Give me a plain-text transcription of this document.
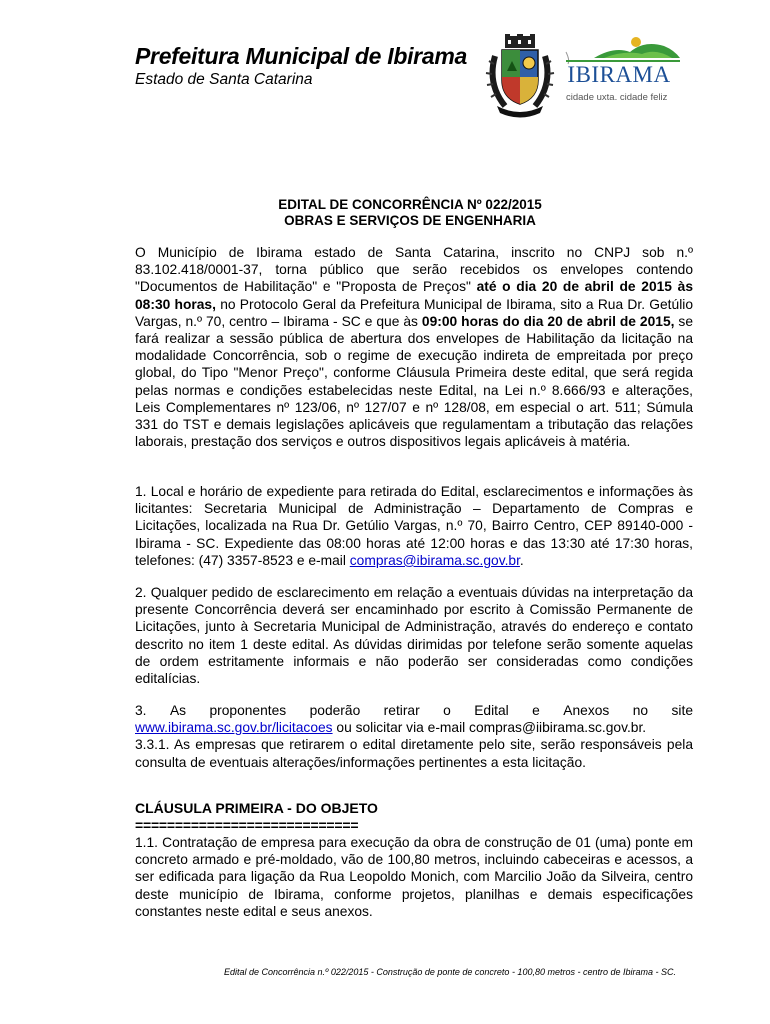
Prefeitura Municipal de Ibirama
Estado de Santa Catarina	IBIRAMA
cidade uxta. cidade feliz
EDITAL DE CONCORRÊNCIA Nº 022/2015
OBRAS E SERVIÇOS DE ENGENHARIA

O Município de Ibirama estado de Santa Catarina, inscrito no CNPJ sob n.º 83.102.418/0001-37, torna público que serão recebidos os envelopes contendo "Documentos de Habilitação" e "Proposta de Preços" até o dia 20 de abril de 2015 às 08:30 horas, no Protocolo Geral da Prefeitura Municipal de Ibirama, sito a Rua Dr. Getúlio Vargas, n.º 70, centro – Ibirama - SC e que às 09:00 horas do dia 20 de abril de 2015, se fará realizar a sessão pública de abertura dos envelopes de Habilitação da licitação na modalidade Concorrência, sob o regime de execução indireta de empreitada por preço global, do Tipo "Menor Preço", conforme Cláusula Primeira deste edital, que será regida pelas normas e condições estabelecidas neste Edital, na Lei n.º 8.666/93 e alterações, Leis Complementares nº 123/06, nº 127/07 e nº 128/08, em especial o art. 511; Súmula 331 do TST e demais legislações aplicáveis que regulamentam a tributação das relações laborais, prestação dos serviços e outros dispositivos legais aplicáveis à matéria.

1. Local e horário de expediente para retirada do Edital, esclarecimentos e informações às licitantes: Secretaria Municipal de Administração – Departamento de Compras e Licitações, localizada na Rua Dr. Getúlio Vargas, n.º 70, Bairro Centro, CEP 89140-000 - Ibirama - SC. Expediente das 08:00 horas até 12:00 horas e das 13:30 até 17:30 horas, telefones: (47) 3357-8523 e e-mail compras@ibirama.sc.gov.br.

2. Qualquer pedido de esclarecimento em relação a eventuais dúvidas na interpretação da presente Concorrência deverá ser encaminhado por escrito à Comissão Permanente de Licitações, junto à Secretaria Municipal de Administração, através do endereço e contato descrito no item 1 deste edital. As dúvidas dirimidas por telefone serão somente aquelas de ordem estritamente informais e não poderão ser consideradas como condições editalícias.

3. As proponentes poderão retirar o Edital e Anexos no site

www.ibirama.sc.gov.br/licitacoes ou solicitar via e-mail compras@iibirama.sc.gov.br.

3.3.1. As empresas que retirarem o edital diretamente pelo site, serão responsáveis pela consulta de eventuais alterações/informações pertinentes a esta licitação.

CLÁUSULA PRIMEIRA - DO OBJETO
============================

1.1. Contratação de empresa para execução da obra de construção de 01 (uma) ponte em concreto armado e pré-moldado, vão de 100,80 metros, incluindo cabeceiras e acessos, a ser edificada para ligação da Rua Leopoldo Monich, com Marcilio João da Silveira, centro deste município de Ibirama, conforme projetos, planilhas e demais especificações constantes neste edital e seus anexos.

Edital de Concorrência n.º 022/2015 - Construção de ponte de concreto - 100,80 metros - centro de Ibirama - SC.
